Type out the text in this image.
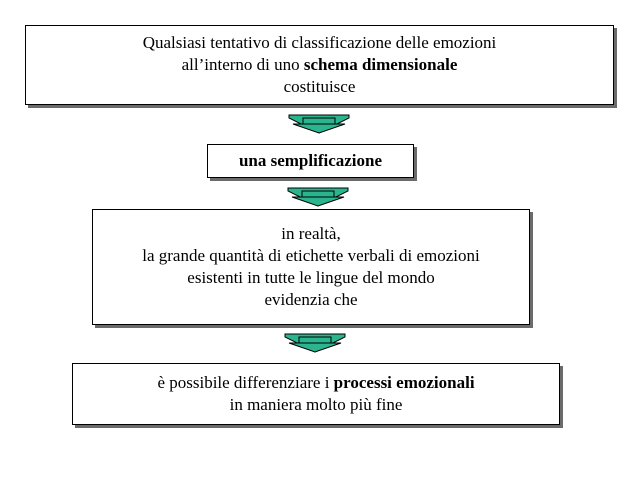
Qualsiasi tentativo di classificazione delle emozioni

all’interno di uno schema dimensionale

costituisce

una semplificazione

in realtà,

la grande quantità di etichette verbali di emozioni

esistenti in tutte le lingue del mondo

evidenzia che

è possibile differenziare i processi emozionali

in maniera molto più fine
